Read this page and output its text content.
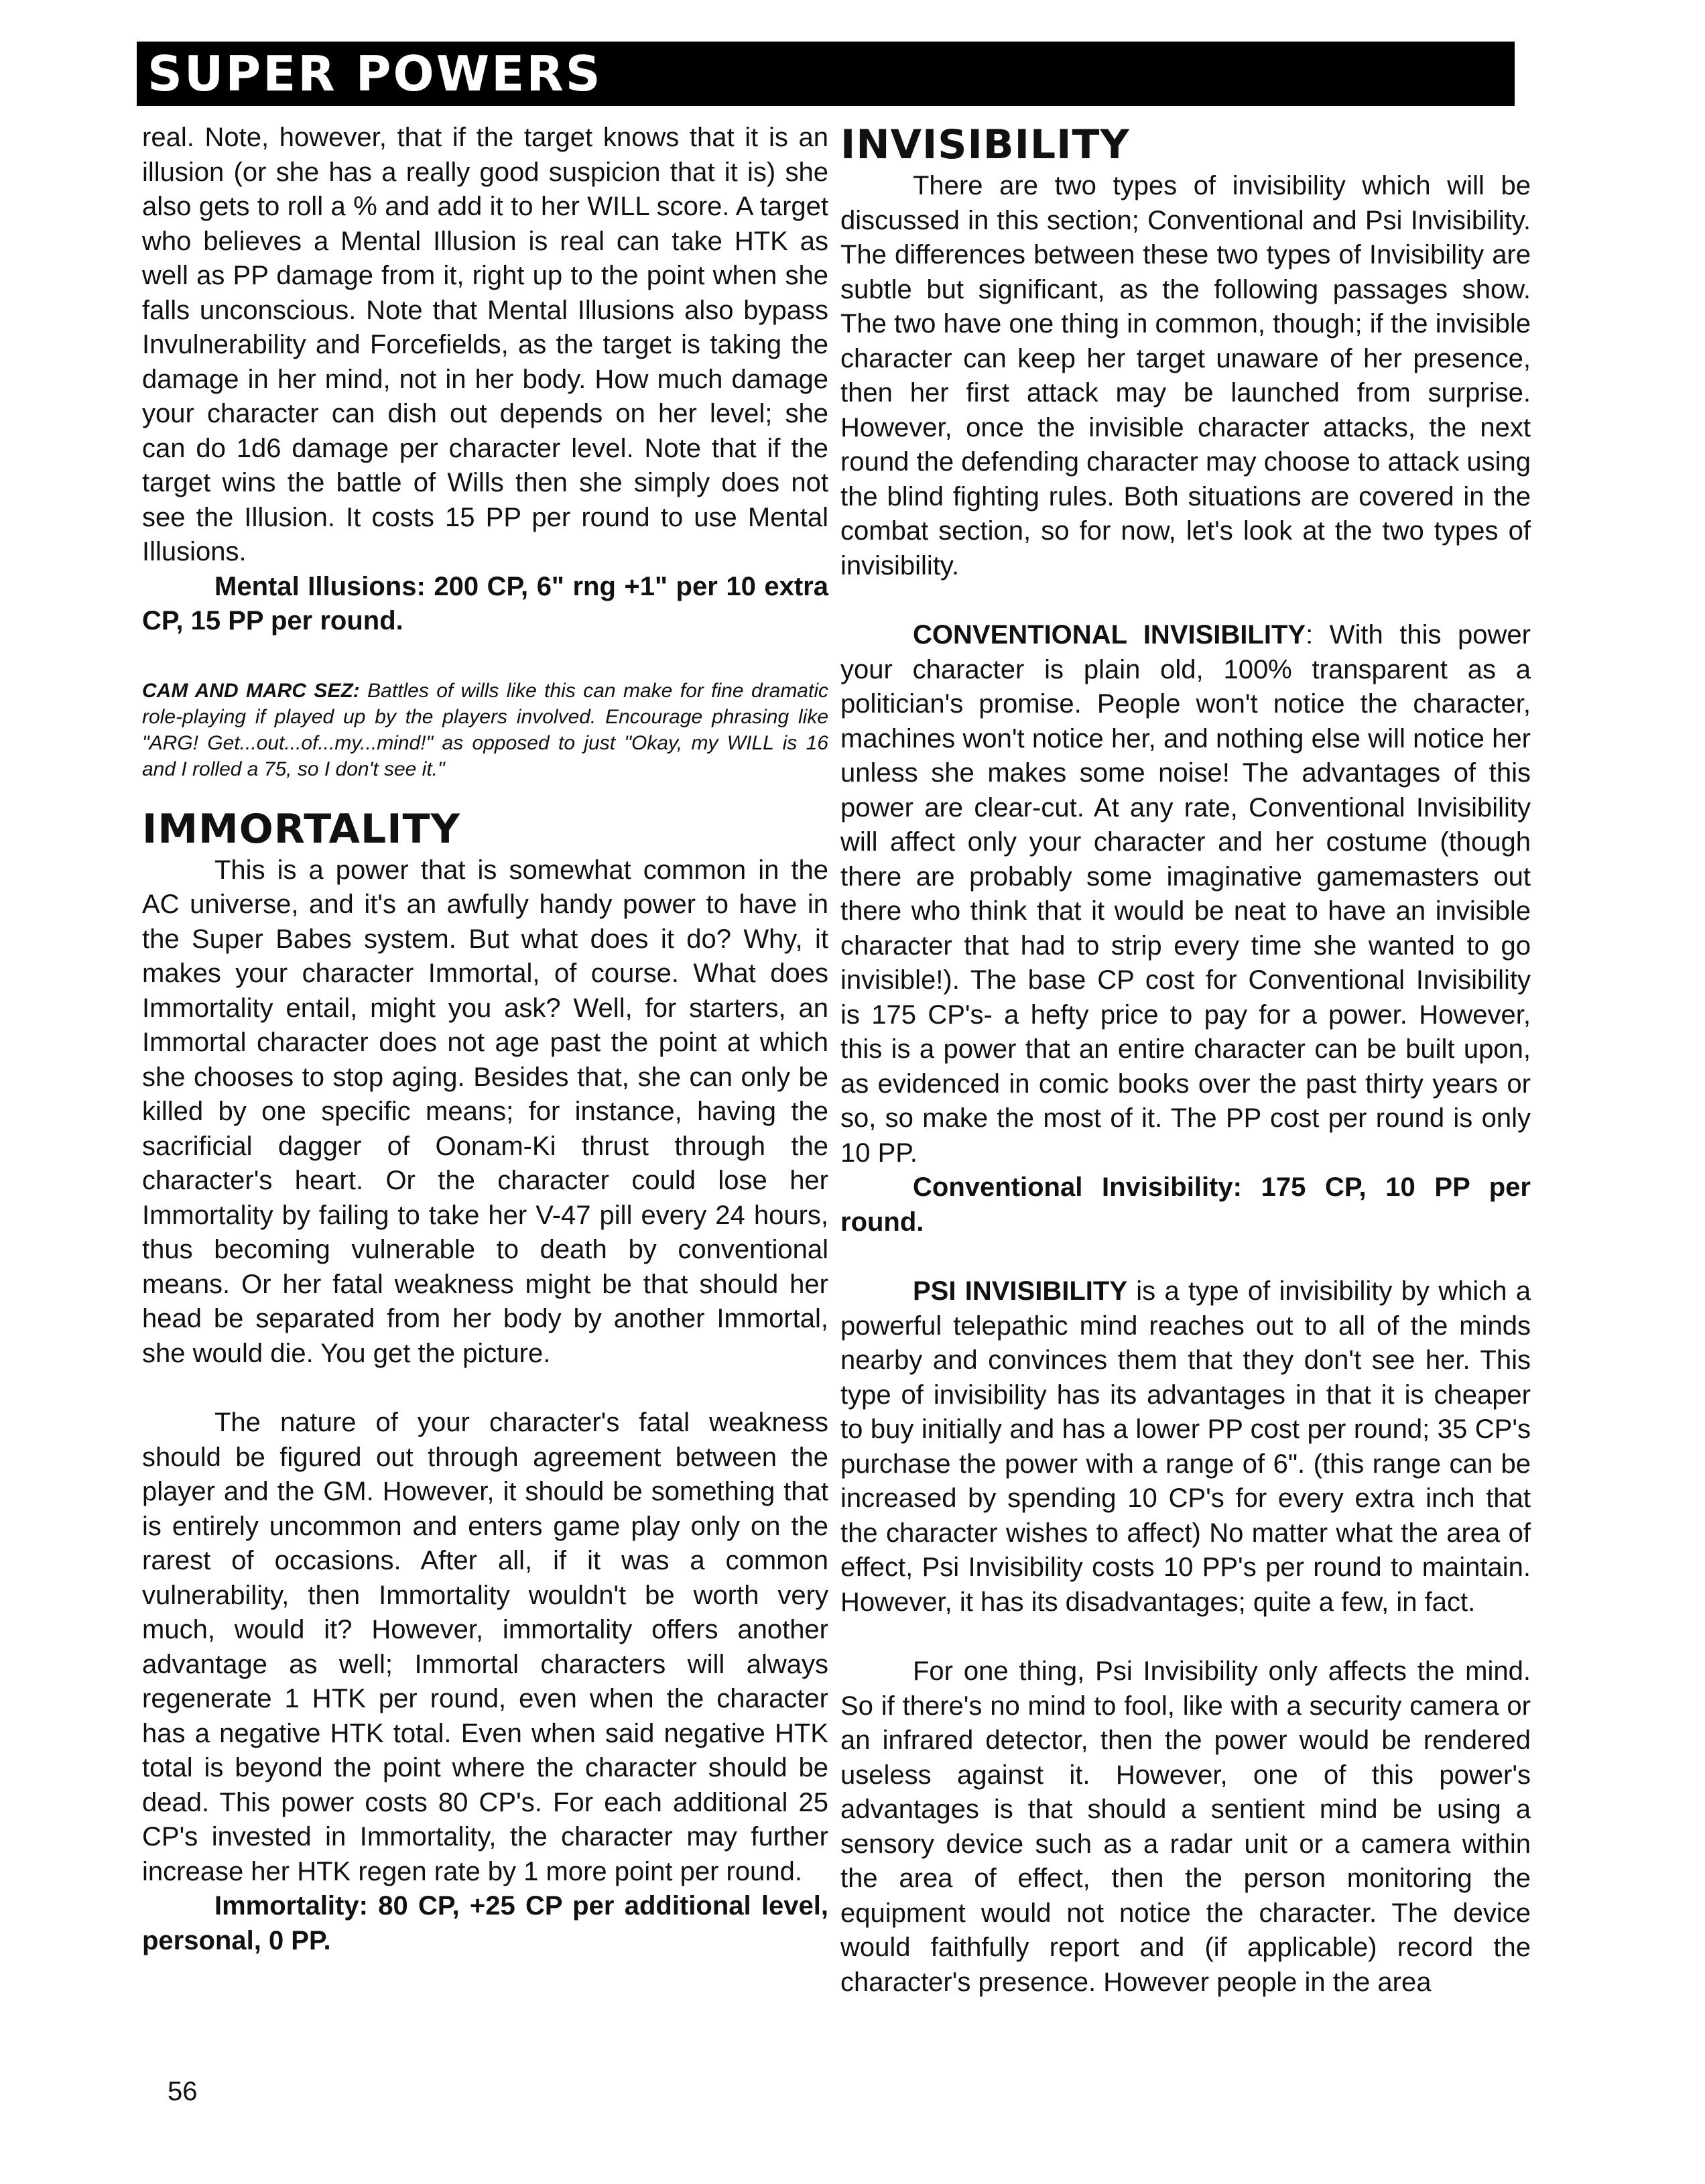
SUPER POWERS

real. Note, however, that if the target knows that it is an illusion (or she has a really good suspicion that it is) she also gets to roll a % and add it to her WILL score. A target who believes a Mental Illusion is real can take HTK as well as PP damage from it, right up to the point when she falls unconscious. Note that Mental Illusions also bypass Invulnerability and Forcefields, as the target is taking the damage in her mind, not in her body. How much damage your character can dish out depends on her level; she can do 1d6 damage per character level. Note that if the target wins the battle of Wills then she simply does not see the Illusion. It costs 15 PP per round to use Mental Illusions.

Mental Illusions: 200 CP, 6" rng +1" per 10 extra CP, 15 PP per round.

CAM AND MARC SEZ: Battles of wills like this can make for fine dramatic role-playing if played up by the players involved. Encourage phrasing like "ARG! Get...out...of...my...mind!" as opposed to just "Okay, my WILL is 16 and I rolled a 75, so I don't see it."
IMMORTALITY

This is a power that is somewhat common in the AC universe, and it's an awfully handy power to have in the Super Babes system. But what does it do? Why, it makes your character Immortal, of course. What does Immortality entail, might you ask? Well, for starters, an Immortal character does not age past the point at which she chooses to stop aging. Besides that, she can only be killed by one specific means; for instance, having the sacrificial dagger of Oonam-Ki thrust through the character's heart. Or the character could lose her Immortality by failing to take her V-47 pill every 24 hours, thus becoming vulnerable to death by conventional means. Or her fatal weakness might be that should her head be separated from her body by another Immortal, she would die. You get the picture.

The nature of your character's fatal weakness should be figured out through agreement between the player and the GM. However, it should be something that is entirely uncommon and enters game play only on the rarest of occasions. After all, if it was a common vulnerability, then Immortality wouldn't be worth very much, would it? However, immortality offers another advantage as well; Immortal characters will always regenerate 1 HTK per round, even when the character has a negative HTK total. Even when said negative HTK total is beyond the point where the character should be dead. This power costs 80 CP's. For each additional 25 CP's invested in Immortality, the character may further increase her HTK regen rate by 1 more point per round.

Immortality: 80 CP, +25 CP per additional level, personal, 0 PP.

INVISIBILITY

There are two types of invisibility which will be discussed in this section; Conventional and Psi Invisibility. The differences between these two types of Invisibility are subtle but significant, as the following passages show. The two have one thing in common, though; if the invisible character can keep her target unaware of her presence, then her first attack may be launched from surprise. However, once the invisible character attacks, the next round the defending character may choose to attack using the blind fighting rules. Both situations are covered in the combat section, so for now, let's look at the two types of invisibility.

CONVENTIONAL INVISIBILITY: With this power your character is plain old, 100% transparent as a politician's promise. People won't notice the character, machines won't notice her, and nothing else will notice her unless she makes some noise! The advantages of this power are clear-cut. At any rate, Conventional Invisibility will affect only your character and her costume (though there are probably some imaginative gamemasters out there who think that it would be neat to have an invisible character that had to strip every time she wanted to go invisible!). The base CP cost for Conventional Invisibility is 175 CP's- a hefty price to pay for a power. However, this is a power that an entire character can be built upon, as evidenced in comic books over the past thirty years or so, so make the most of it. The PP cost per round is only 10 PP.

Conventional Invisibility: 175 CP, 10 PP per round.

PSI INVISIBILITY is a type of invisibility by which a powerful telepathic mind reaches out to all of the minds nearby and convinces them that they don't see her. This type of invisibility has its advantages in that it is cheaper to buy initially and has a lower PP cost per round; 35 CP's purchase the power with a range of 6". (this range can be increased by spending 10 CP's for every extra inch that the character wishes to affect) No matter what the area of effect, Psi Invisibility costs 10 PP's per round to maintain. However, it has its disadvantages; quite a few, in fact.

For one thing, Psi Invisibility only affects the mind. So if there's no mind to fool, like with a security camera or an infrared detector, then the power would be rendered useless against it. However, one of this power's advantages is that should a sentient mind be using a sensory device such as a radar unit or a camera within the area of effect, then the person monitoring the equipment would not notice the character. The device would faithfully report and (if applicable) record the character's presence. However people in the area

56
